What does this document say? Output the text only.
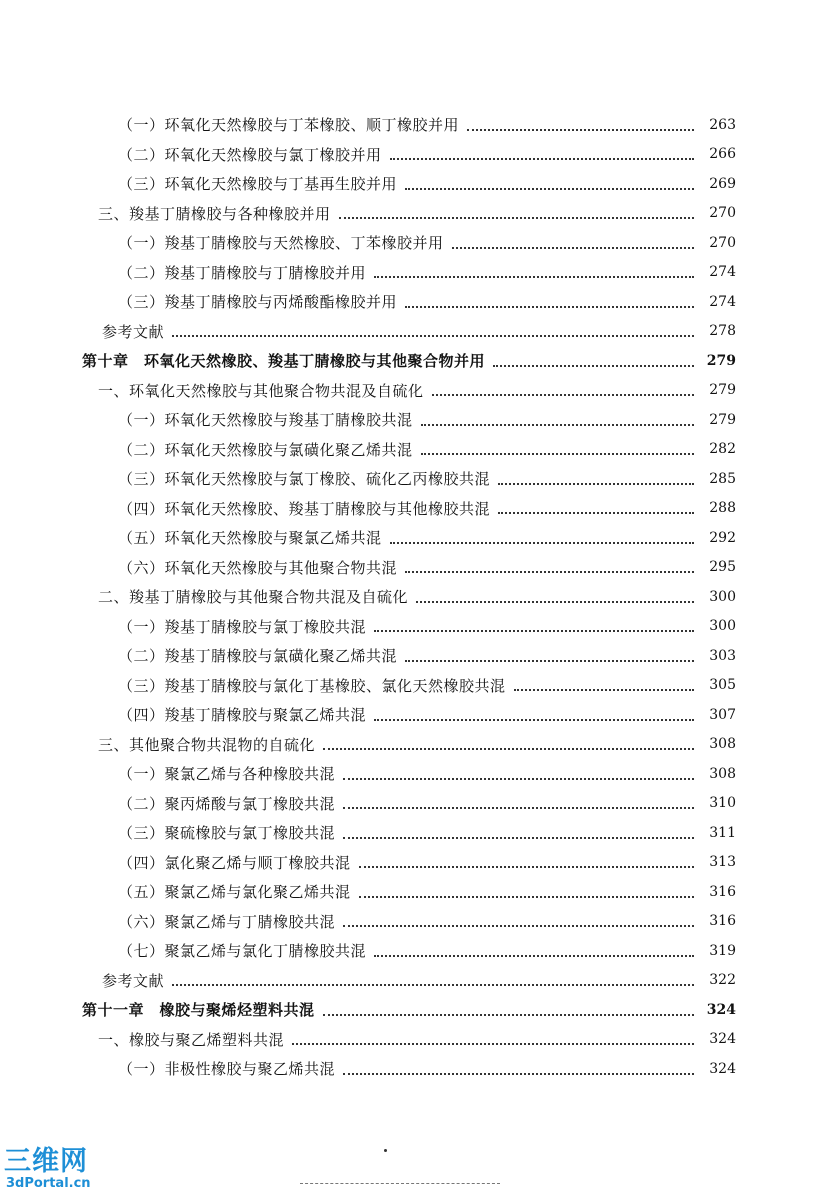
（一）环氧化天然橡胶与丁苯橡胶、顺丁橡胶并用	263
（二）环氧化天然橡胶与氯丁橡胶并用	266
（三）环氧化天然橡胶与丁基再生胶并用	269
三、羧基丁腈橡胶与各种橡胶并用	270
（一）羧基丁腈橡胶与天然橡胶、丁苯橡胶并用	270
（二）羧基丁腈橡胶与丁腈橡胶并用	274
（三）羧基丁腈橡胶与丙烯酸酯橡胶并用	274
参考文献	278
第十章　环氧化天然橡胶、羧基丁腈橡胶与其他聚合物并用	279
一、环氧化天然橡胶与其他聚合物共混及自硫化	279
（一）环氧化天然橡胶与羧基丁腈橡胶共混	279
（二）环氧化天然橡胶与氯磺化聚乙烯共混	282
（三）环氧化天然橡胶与氯丁橡胶、硫化乙丙橡胶共混	285
（四）环氧化天然橡胶、羧基丁腈橡胶与其他橡胶共混	288
（五）环氧化天然橡胶与聚氯乙烯共混	292
（六）环氧化天然橡胶与其他聚合物共混	295
二、羧基丁腈橡胶与其他聚合物共混及自硫化	300
（一）羧基丁腈橡胶与氯丁橡胶共混	300
（二）羧基丁腈橡胶与氯磺化聚乙烯共混	303
（三）羧基丁腈橡胶与氯化丁基橡胶、氯化天然橡胶共混	305
（四）羧基丁腈橡胶与聚氯乙烯共混	307
三、其他聚合物共混物的自硫化	308
（一）聚氯乙烯与各种橡胶共混	308
（二）聚丙烯酸与氯丁橡胶共混	310
（三）聚硫橡胶与氯丁橡胶共混	311
（四）氯化聚乙烯与顺丁橡胶共混	313
（五）聚氯乙烯与氯化聚乙烯共混	316
（六）聚氯乙烯与丁腈橡胶共混	316
（七）聚氯乙烯与氯化丁腈橡胶共混	319
参考文献	322
第十一章　橡胶与聚烯烃塑料共混	324
一、橡胶与聚乙烯塑料共混	324
（一）非极性橡胶与聚乙烯共混	324
三维网
3dPortal.cn
